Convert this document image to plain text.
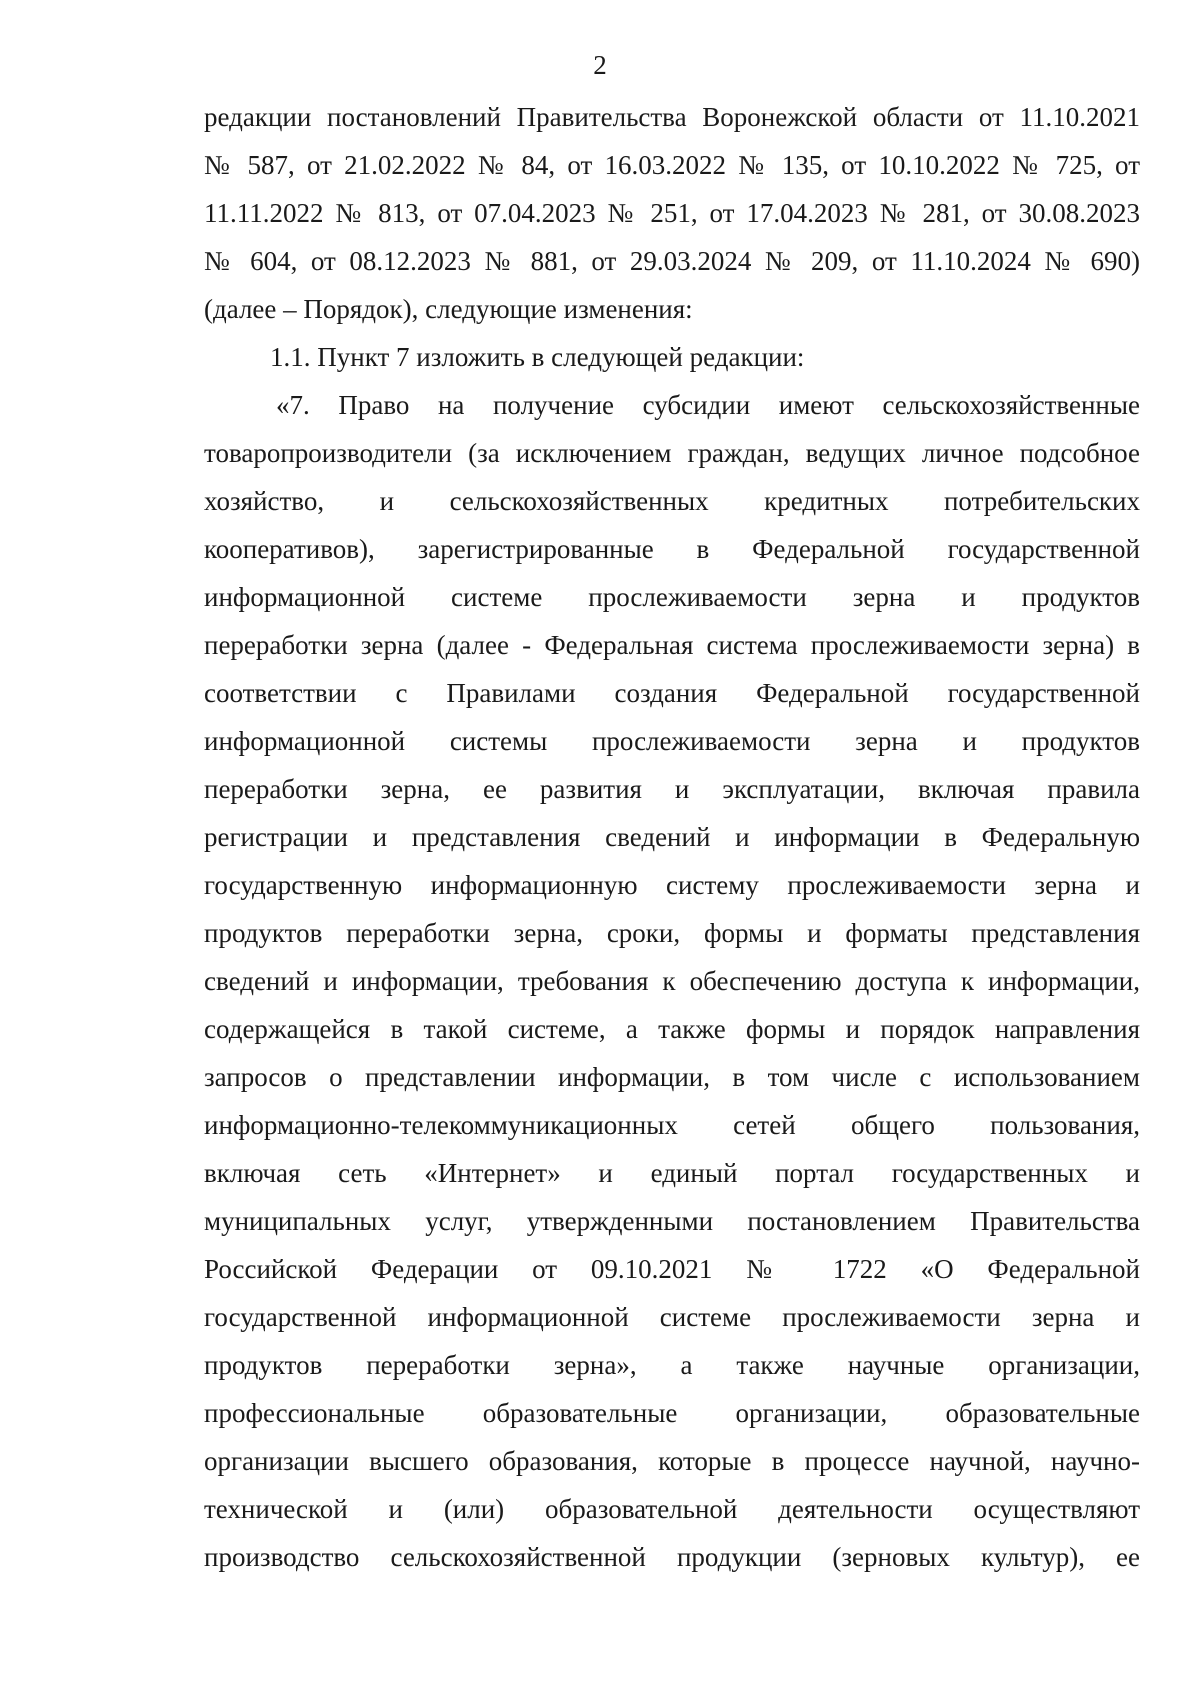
2
редакции постановлений Правительства Воронежской области от 11.10.2021
№ 587, от 21.02.2022 № 84, от 16.03.2022 № 135, от 10.10.2022 № 725, от
11.11.2022 № 813, от 07.04.2023 № 251, от 17.04.2023 № 281, от 30.08.2023
№ 604, от 08.12.2023 № 881, от 29.03.2024 № 209, от 11.10.2024 № 690)
(далее – Порядок), следующие изменения:
1.1. Пункт 7 изложить в следующей редакции:
«7. Право на получение субсидии имеют сельскохозяйственные
товаропроизводители (за исключением граждан, ведущих личное подсобное
хозяйство, и сельскохозяйственных кредитных потребительских
кооперативов), зарегистрированные в Федеральной государственной
информационной системе прослеживаемости зерна и продуктов
переработки зерна (далее - Федеральная система прослеживаемости зерна) в
соответствии с Правилами создания Федеральной государственной
информационной системы прослеживаемости зерна и продуктов
переработки зерна, ее развития и эксплуатации, включая правила
регистрации и представления сведений и информации в Федеральную
государственную информационную систему прослеживаемости зерна и
продуктов переработки зерна, сроки, формы и форматы представления
сведений и информации, требования к обеспечению доступа к информации,
содержащейся в такой системе, а также формы и порядок направления
запросов о представлении информации, в том числе с использованием
информационно-телекоммуникационных сетей общего пользования,
включая сеть «Интернет» и единый портал государственных и
муниципальных услуг, утвержденными постановлением Правительства
Российской Федерации от 09.10.2021 № 1722 «О Федеральной
государственной информационной системе прослеживаемости зерна и
продуктов переработки зерна», а также научные организации,
профессиональные образовательные организации, образовательные
организации высшего образования, которые в процессе научной, научно-
технической и (или) образовательной деятельности осуществляют
производство сельскохозяйственной продукции (зерновых культур), ее
